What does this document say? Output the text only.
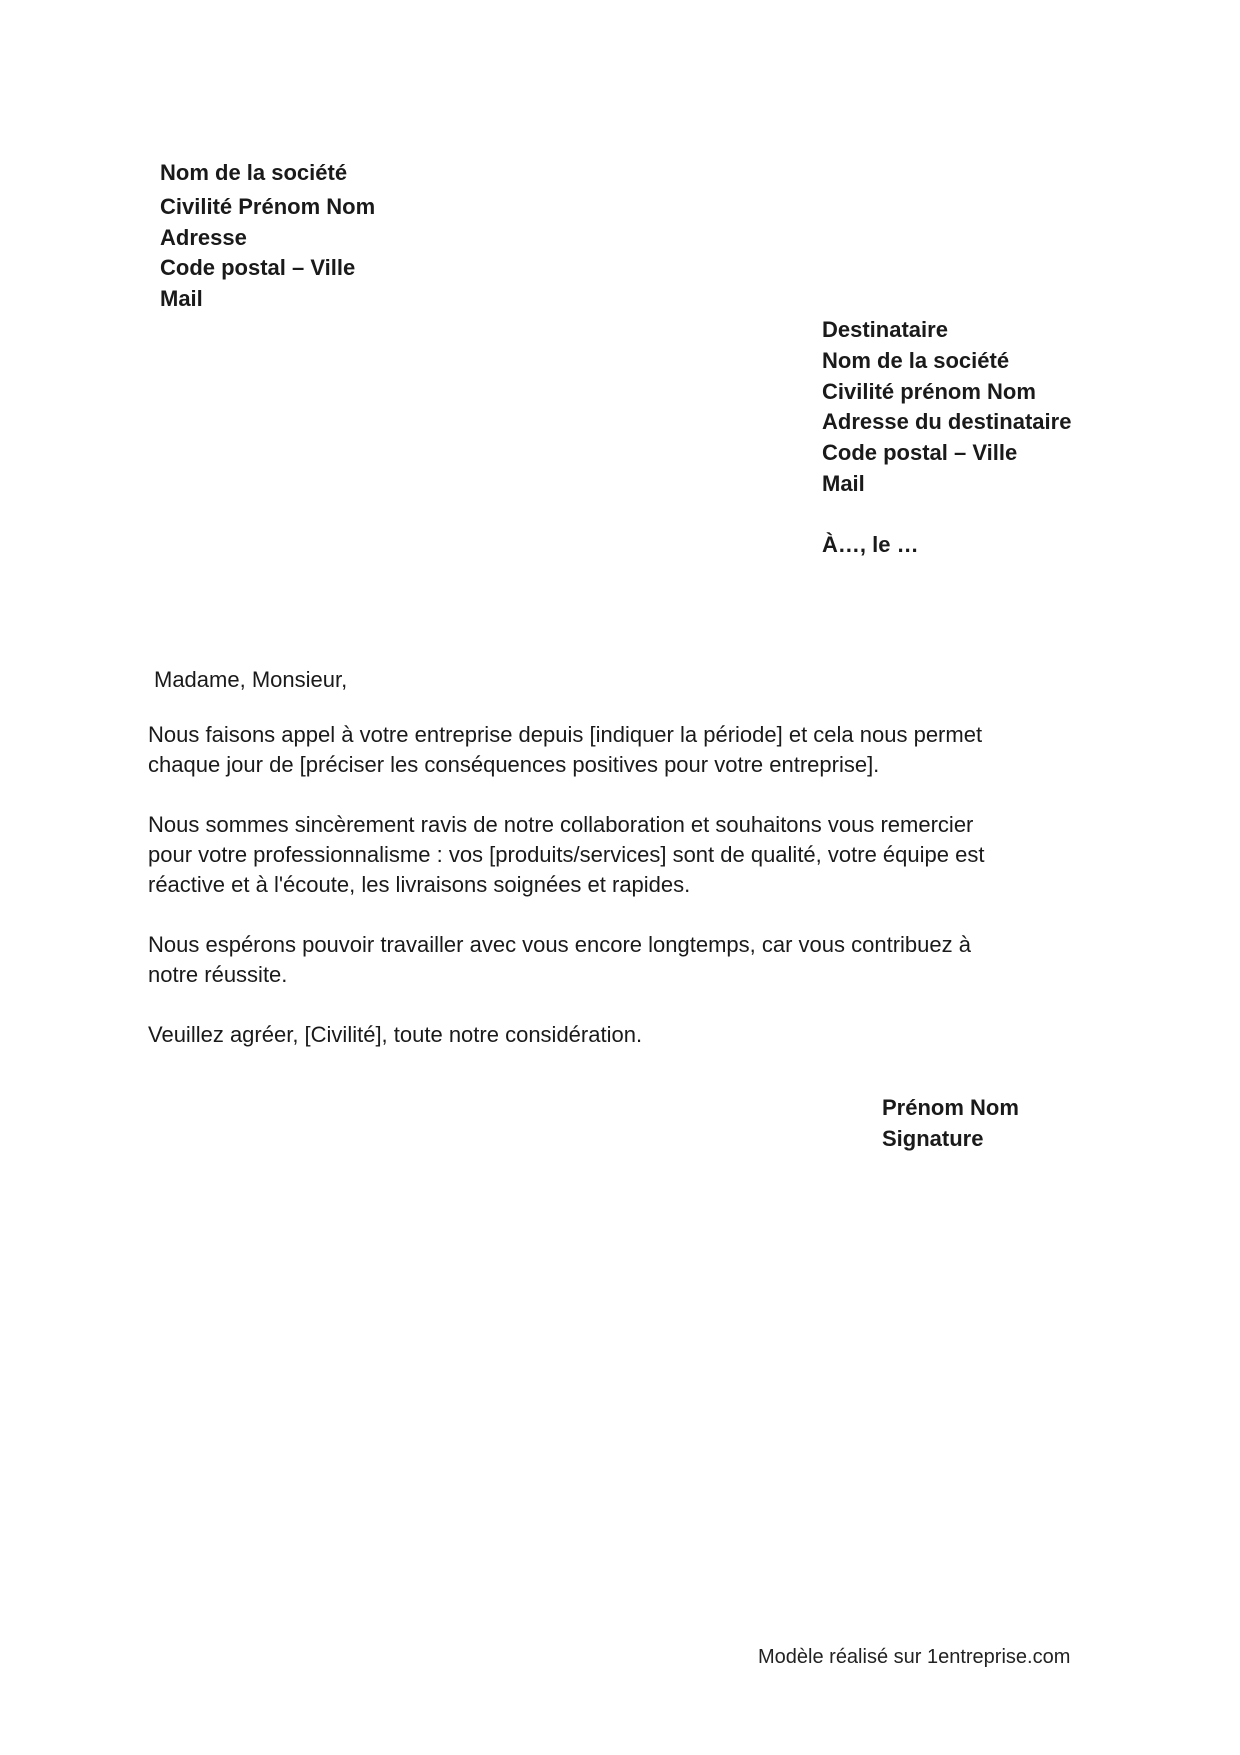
Nom de la société
Civilité Prénom Nom
Adresse
Code postal – Ville
Mail
Destinataire
Nom de la société
Civilité prénom Nom
Adresse du destinataire
Code postal – Ville
Mail
À…, le …
Madame, Monsieur,
Nous faisons appel à votre entreprise depuis [indiquer la période] et cela nous permet
chaque jour de [préciser les conséquences positives pour votre entreprise].
Nous sommes sincèrement ravis de notre collaboration et souhaitons vous remercier
pour votre professionnalisme : vos [produits/services] sont de qualité, votre équipe est
réactive et à l'écoute, les livraisons soignées et rapides.
Nous espérons pouvoir travailler avec vous encore longtemps, car vous contribuez à
notre réussite.
Veuillez agréer, [Civilité], toute notre considération.
Prénom Nom
Signature
Modèle réalisé sur 1entreprise.com
